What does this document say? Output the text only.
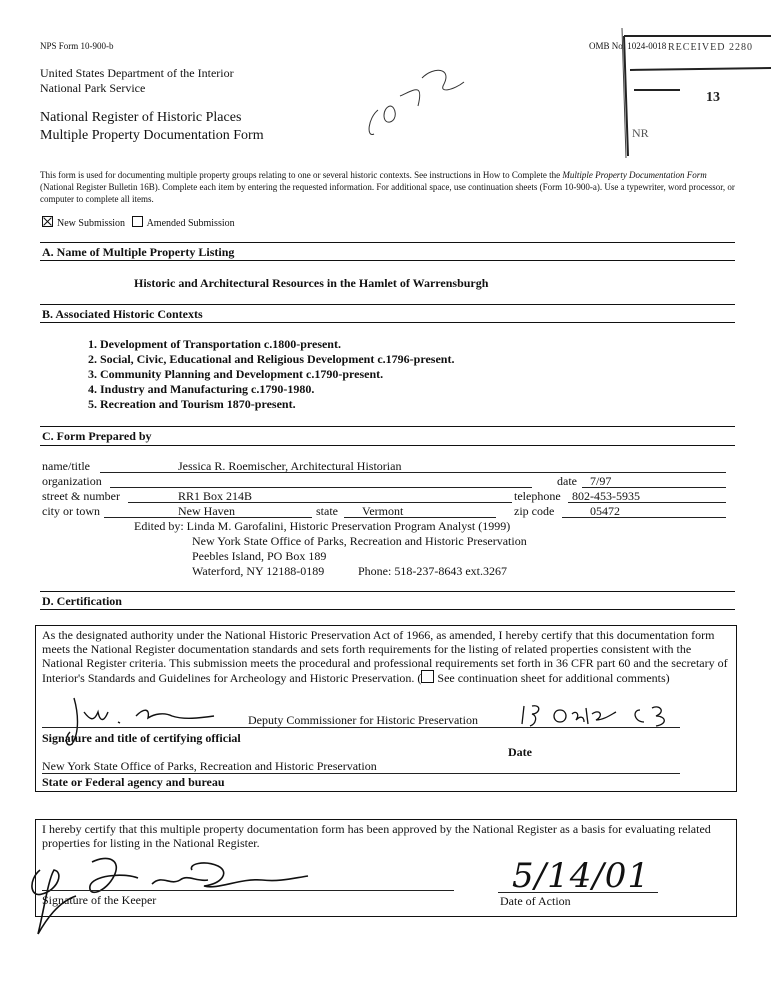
NPS Form 10-900-b	OMB No. 1024-0018
United States Department of the Interior
National Park Service
National Register of Historic Places
Multiple Property Documentation Form
RECEIVED 2280
13
NR
This form is used for documenting multiple property groups relating to one or several historic contexts. See instructions in How to Complete the Multiple Property Documentation Form (National Register Bulletin 16B). Complete each item by entering the requested information. For additional space, use continuation sheets (Form 10-900-a). Use a typewriter, word processor, or computer to complete all items.
New Submission Amended Submission
A. Name of Multiple Property Listing
Historic and Architectural Resources in the Hamlet of Warrensburgh
B. Associated Historic Contexts
1. Development of Transportation c.1800-present.
2. Social, Civic, Educational and Religious Development c.1796-present.
3. Community Planning and Development c.1790-present.
4. Industry and Manufacturing c.1790-1980.
5. Recreation and Tourism 1870-present.
C. Form Prepared by
name/title	Jessica R. Roemischer, Architectural Historian
organization	date 7/97
street & number	RR1 Box 214B	telephone 802-453-5935
city or town	New Haven	state Vermont	zip code	05472
Edited by: Linda M. Garofalini, Historic Preservation Program Analyst (1999)
New York State Office of Parks, Recreation and Historic Preservation
Peebles Island, PO Box 189
Waterford, NY 12188-0189	Phone: 518-237-8643 ext.3267
D. Certification
As the designated authority under the National Historic Preservation Act of 1966, as amended, I hereby certify that this documentation form meets the National Register documentation standards and sets forth requirements for the listing of related properties consistent with the National Register criteria. This submission meets the procedural and professional requirements set forth in 36 CFR part 60 and the secretary of Interior's Standards and Guidelines for Archeology and Historic Preservation. ( See continuation sheet for additional comments)
Deputy Commissioner for Historic Preservation
Signature and title of certifying official
Date
New York State Office of Parks, Recreation and Historic Preservation
State or Federal agency and bureau
I hereby certify that this multiple property documentation form has been approved by the National Register as a basis for evaluating related properties for listing in the National Register.
Signature of the Keeper
5/14/01
Date of Action
